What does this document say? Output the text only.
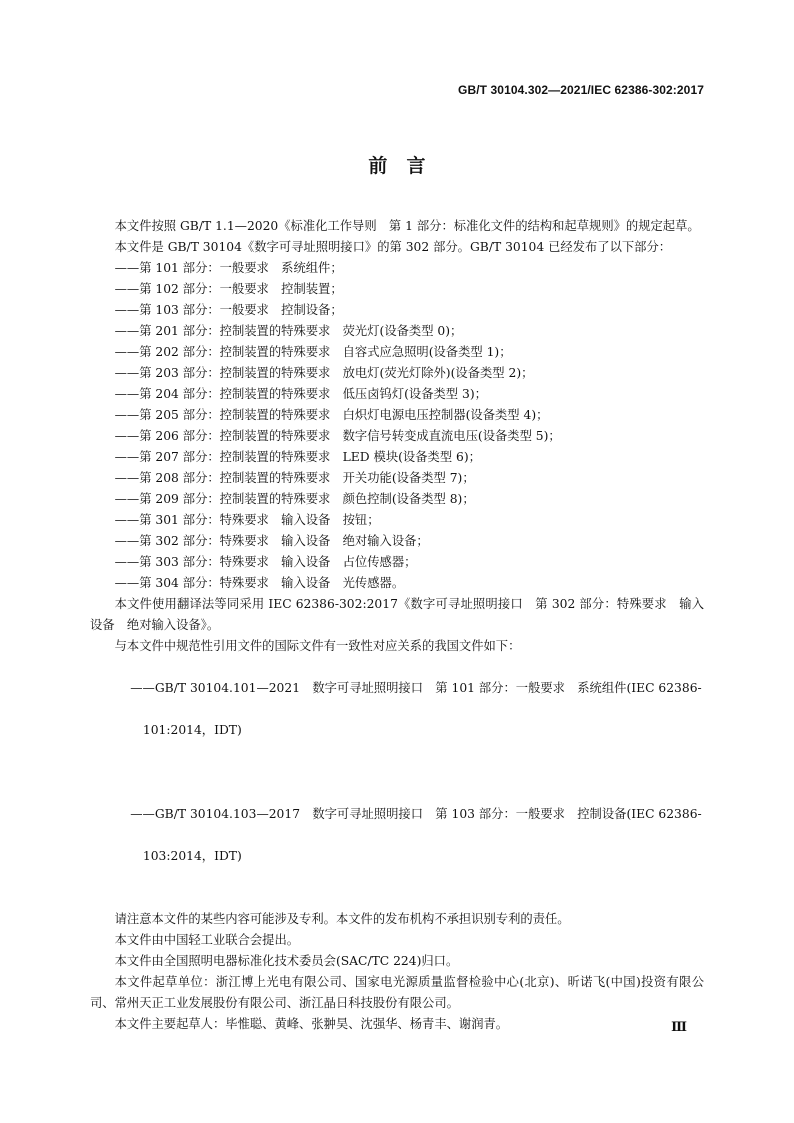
GB/T 30104.302—2021/IEC 62386-302:2017
前　言

本文件按照 GB/T 1.1—2020《标准化工作导则　第 1 部分：标准化文件的结构和起草规则》的规定起草。

本文件是 GB/T 30104《数字可寻址照明接口》的第 302 部分。GB/T 30104 已经发布了以下部分：

——第 101 部分：一般要求　系统组件；

——第 102 部分：一般要求　控制装置；

——第 103 部分：一般要求　控制设备；

——第 201 部分：控制装置的特殊要求　荧光灯(设备类型 0)；

——第 202 部分：控制装置的特殊要求　自容式应急照明(设备类型 1)；

——第 203 部分：控制装置的特殊要求　放电灯(荧光灯除外)(设备类型 2)；

——第 204 部分：控制装置的特殊要求　低压卤钨灯(设备类型 3)；

——第 205 部分：控制装置的特殊要求　白炽灯电源电压控制器(设备类型 4)；

——第 206 部分：控制装置的特殊要求　数字信号转变成直流电压(设备类型 5)；

——第 207 部分：控制装置的特殊要求　LED 模块(设备类型 6)；

——第 208 部分：控制装置的特殊要求　开关功能(设备类型 7)；

——第 209 部分：控制装置的特殊要求　颜色控制(设备类型 8)；

——第 301 部分：特殊要求　输入设备　按钮；

——第 302 部分：特殊要求　输入设备　绝对输入设备；

——第 303 部分：特殊要求　输入设备　占位传感器；

——第 304 部分：特殊要求　输入设备　光传感器。

本文件使用翻译法等同采用 IEC 62386-302:2017《数字可寻址照明接口　第 302 部分：特殊要求　输入设备　绝对输入设备》。

与本文件中规范性引用文件的国际文件有一致性对应关系的我国文件如下：

——GB/T 30104.101—2021　数字可寻址照明接口　第 101 部分：一般要求　系统组件(IEC 62386-

101:2014，IDT)

——GB/T 30104.103—2017　数字可寻址照明接口　第 103 部分：一般要求　控制设备(IEC 62386-

103:2014，IDT)

请注意本文件的某些内容可能涉及专利。本文件的发布机构不承担识别专利的责任。

本文件由中国轻工业联合会提出。

本文件由全国照明电器标准化技术委员会(SAC/TC 224)归口。

本文件起草单位：浙江博上光电有限公司、国家电光源质量监督检验中心(北京)、昕诺飞(中国)投资有限公司、常州天正工业发展股份有限公司、浙江晶日科技股份有限公司。

本文件主要起草人：毕惟聪、黄峰、张翀昊、沈强华、杨青丰、谢润青。	Ⅲ
